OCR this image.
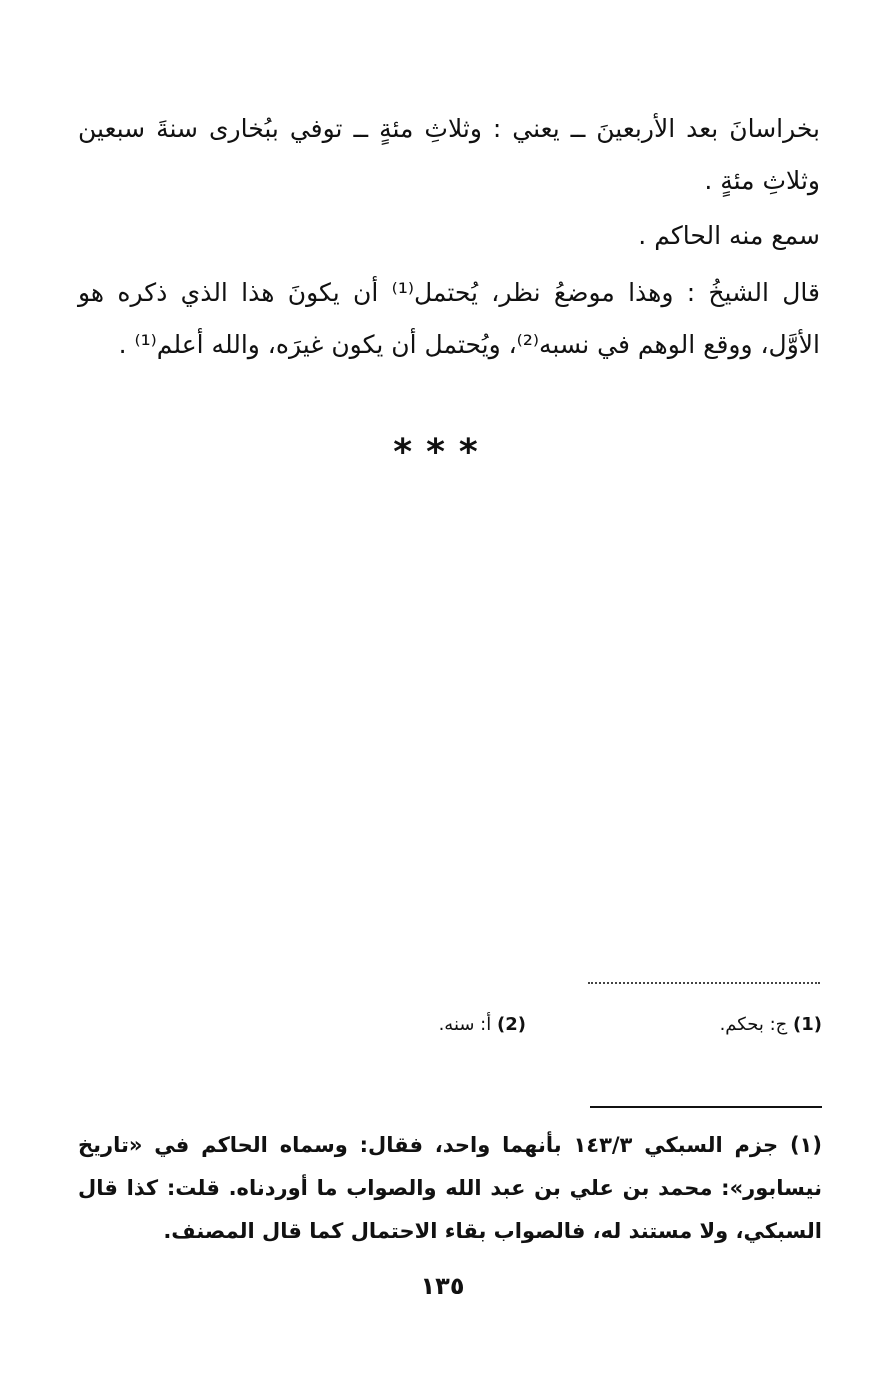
بخراسانَ بعد الأربعينَ ــ يعني : وثلاثِ مئةٍ ــ توفي ببُخارى سنةَ سبعين وثلاثِ مئةٍ .

سمع منه الحاكم .

قال الشيخُ : وهذا موضعُ نظر، يُحتمل⁽¹⁾ أن يكونَ هذا الذي ذكره هو الأوَّل، ووقع الوهم في نسبه⁽²⁾، ويُحتمل أن يكون غيرَه، والله أعلم⁽¹⁾ .

***
(1) ج: بحكم.
(2) أ: سنه.

(١) جزم السبكي ١٤٣/٣ بأنهما واحد، فقال: وسماه الحاكم في «تاريخ نيسابور»: محمد بن علي بن عبد الله والصواب ما أوردناه. قلت: كذا قال السبكي، ولا مستند له، فالصواب بقاء الاحتمال كما قال المصنف.

١٣٥
